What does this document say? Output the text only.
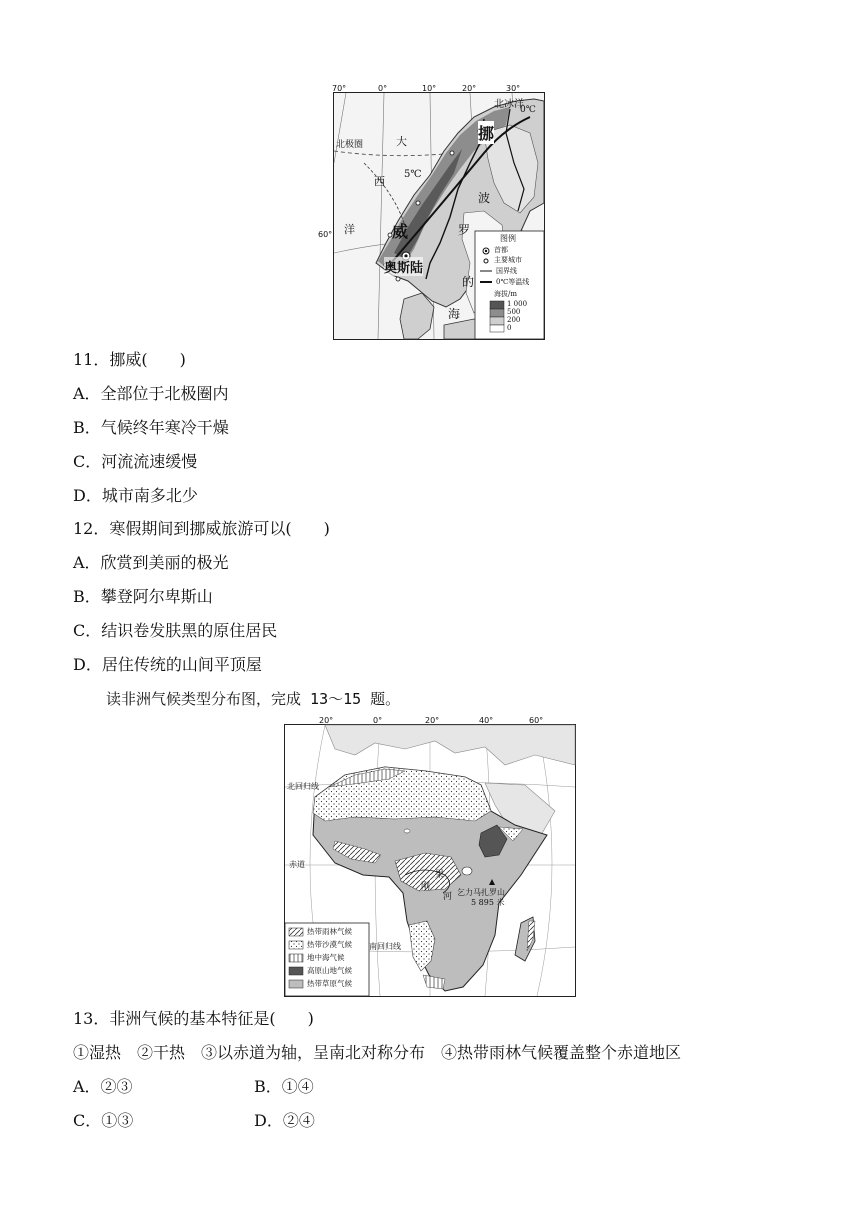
70°	0°	10°	20°	30°
60°
北极圈
北冰洋
0℃
大
西
洋
5℃
挪
威
波
罗
的
海
奥斯陆
图例
首都
主要城市
国界线
0℃等温线
海拔/m
1 000
500
200
0
11．挪威(　　)
A．全部位于北极圈内
B．气候终年寒冷干燥
C．河流流速缓慢
D．城市南多北少
12．寒假期间到挪威旅游可以(　　)
A．欣赏到美丽的极光
B．攀登阿尔卑斯山
C．结识卷发肤黑的原住居民
D．居住传统的山间平顶屋
读非洲气候类型分布图，完成 13～15 题。
20°	0°	20°	40°	60°
北回归线
赤道
南回归线
乞力马扎罗山
5 895 米
刚
果
河
热带雨林气候
热带沙漠气候
地中海气候
高原山地气候
热带草原气候
13．非洲气候的基本特征是(　　)
①湿热　②干热　③以赤道为轴，呈南北对称分布　④热带雨林气候覆盖整个赤道地区
A．②③	B．①④
C．①③	D．②④
